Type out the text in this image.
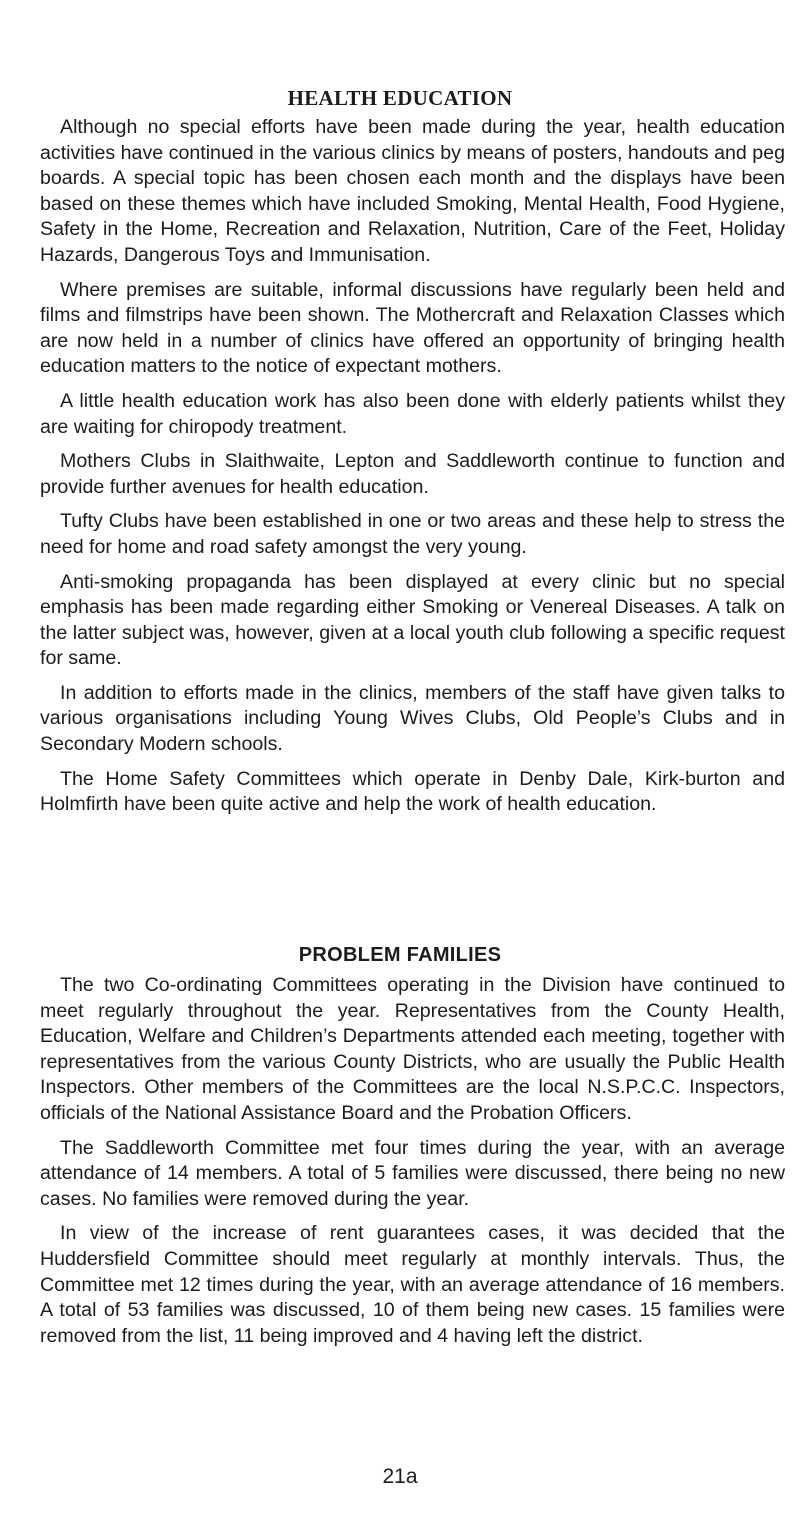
HEALTH EDUCATION

Although no special efforts have been made during the year, health education activities have continued in the various clinics by means of posters, handouts and peg boards. A special topic has been chosen each month and the displays have been based on these themes which have included Smoking, Mental Health, Food Hygiene, Safety in the Home, Recreation and Relaxation, Nutrition, Care of the Feet, Holiday Hazards, Dangerous Toys and Immunisation.

Where premises are suitable, informal discussions have regularly been held and films and filmstrips have been shown. The Mothercraft and Relaxation Classes which are now held in a number of clinics have offered an opportunity of bringing health education matters to the notice of expectant mothers.

A little health education work has also been done with elderly patients whilst they are waiting for chiropody treatment.

Mothers Clubs in Slaithwaite, Lepton and Saddleworth continue to function and provide further avenues for health education.

Tufty Clubs have been established in one or two areas and these help to stress the need for home and road safety amongst the very young.

Anti-smoking propaganda has been displayed at every clinic but no special emphasis has been made regarding either Smoking or Venereal Diseases. A talk on the latter subject was, however, given at a local youth club following a specific request for same.

In addition to efforts made in the clinics, members of the staff have given talks to various organisations including Young Wives Clubs, Old People’s Clubs and in Secondary Modern schools.

The Home Safety Committees which operate in Denby Dale, Kirk-burton and Holmfirth have been quite active and help the work of health education.

PROBLEM FAMILIES

The two Co-ordinating Committees operating in the Division have continued to meet regularly throughout the year. Representatives from the County Health, Education, Welfare and Children’s Departments attended each meeting, together with representatives from the various County Districts, who are usually the Public Health Inspectors. Other members of the Committees are the local N.S.P.C.C. Inspectors, officials of the National Assistance Board and the Probation Officers.

The Saddleworth Committee met four times during the year, with an average attendance of 14 members. A total of 5 families were discussed, there being no new cases. No families were removed during the year.

In view of the increase of rent guarantees cases, it was decided that the Huddersfield Committee should meet regularly at monthly intervals. Thus, the Committee met 12 times during the year, with an average attendance of 16 members. A total of 53 families was discussed, 10 of them being new cases. 15 families were removed from the list, 11 being improved and 4 having left the district.

21a
